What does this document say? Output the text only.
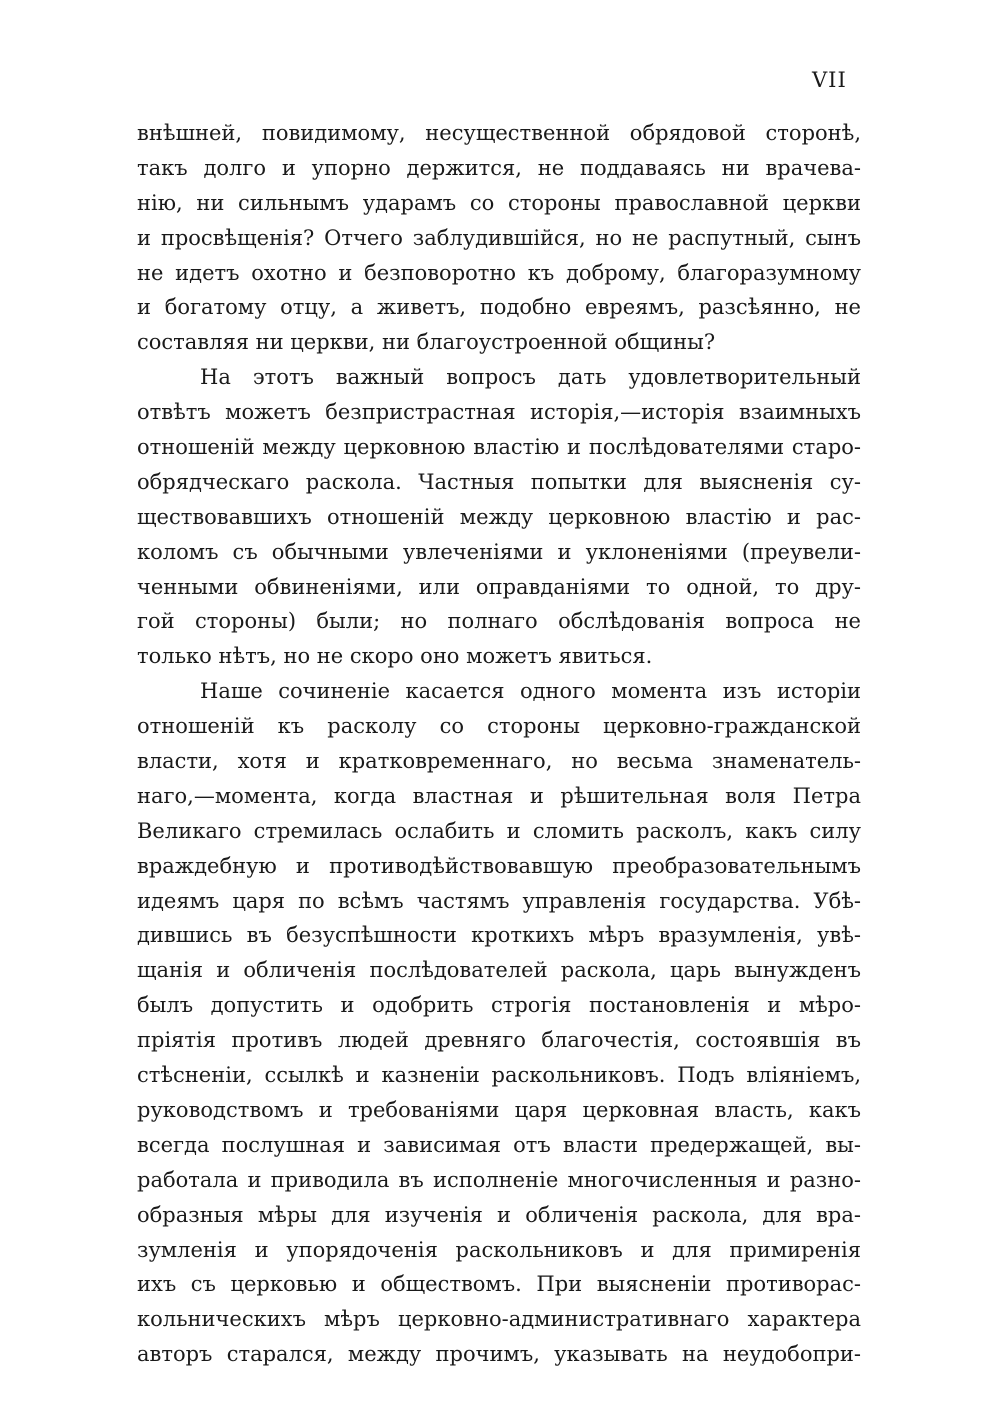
VII
внѣшней, повидимому, несущественной обрядовой сторонѣ,
такъ долго и упорно держится, не поддаваясь ни врачева-
нію, ни сильнымъ ударамъ со стороны православной церкви
и просвѣщенія? Отчего заблудившійся, но не распутный, сынъ
не идетъ охотно и безповоротно къ доброму, благоразумному
и богатому отцу, а живетъ, подобно евреямъ, разсѣянно, не
составляя ни церкви, ни благоустроенной общины?
На этотъ важный вопросъ дать удовлетворительный
отвѣтъ можетъ безпристрастная исторія,—исторія взаимныхъ
отношеній между церковною властію и послѣдователями старо-
обрядческаго раскола. Частныя попытки для выясненія су-
ществовавшихъ отношеній между церковною властію и рас-
коломъ съ обычными увлеченіями и уклоненіями (преувели-
ченными обвиненіями, или оправданіями то одной, то дру-
гой стороны) были; но полнаго обслѣдованія вопроса не
только нѣтъ, но не скоро оно можетъ явиться.
Наше сочиненіе касается одного момента изъ исторіи
отношеній къ расколу со стороны церковно-гражданской
власти, хотя и кратковременнаго, но весьма знаменатель-
наго,—момента, когда властная и рѣшительная воля Петра
Великаго стремилась ослабить и сломить расколъ, какъ силу
враждебную и противодѣйствовавшую преобразовательнымъ
идеямъ царя по всѣмъ частямъ управленія государства. Убѣ-
дившись въ безуспѣшности кроткихъ мѣръ вразумленія, увѣ-
щанія и обличенія послѣдователей раскола, царь вынужденъ
былъ допустить и одобрить строгія постановленія и мѣро-
пріятія противъ людей древняго благочестія, состоявшія въ
стѣсненіи, ссылкѣ и казненіи раскольниковъ. Подъ вліяніемъ,
руководствомъ и требованіями царя церковная власть, какъ
всегда послушная и зависимая отъ власти предержащей, вы-
работала и приводила въ исполненіе многочисленныя и разно-
образныя мѣры для изученія и обличенія раскола, для вра-
зумленія и упорядоченія раскольниковъ и для примиренія
ихъ съ церковью и обществомъ. При выясненіи противорас-
кольническихъ мѣръ церковно-административнаго характера
авторъ старался, между прочимъ, указывать на неудобопри-
